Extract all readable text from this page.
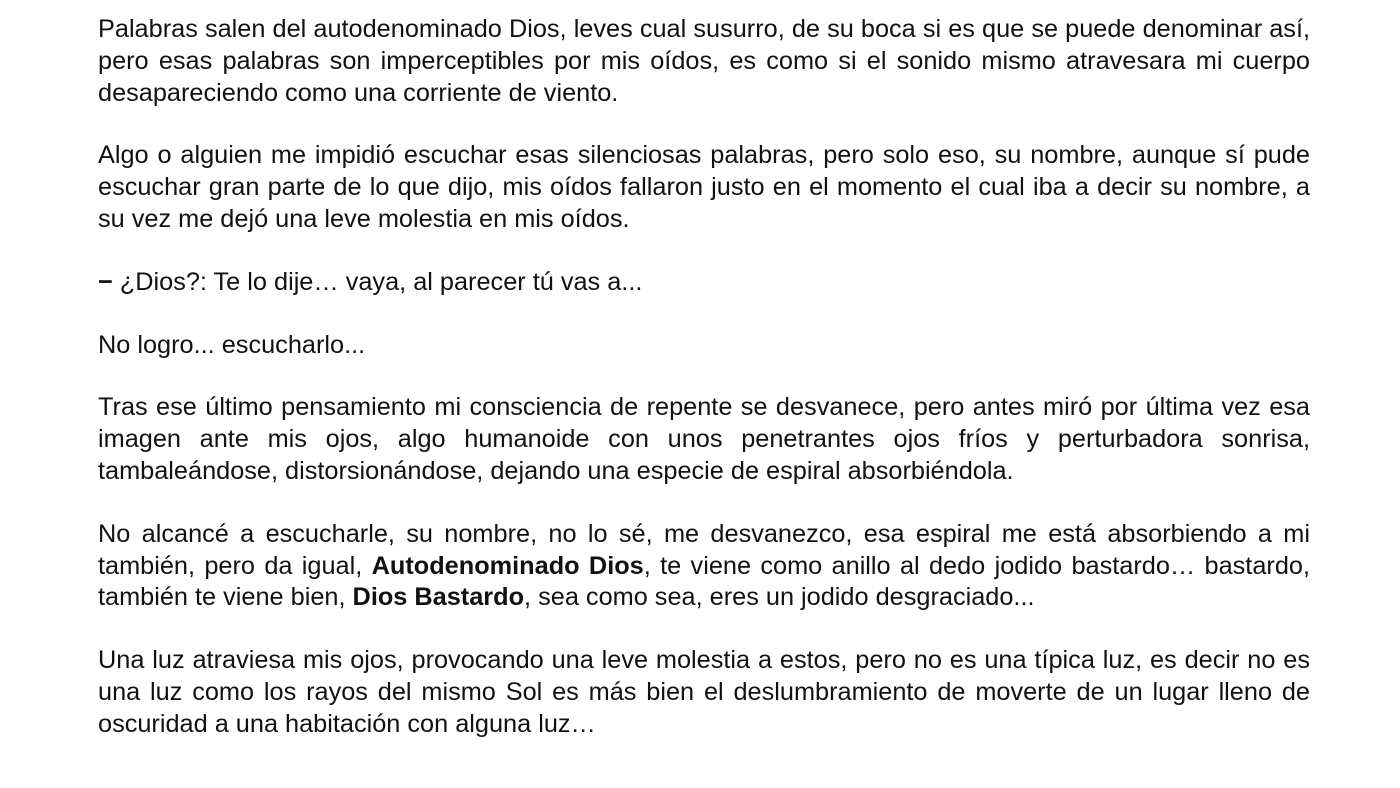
Palabras salen del autodenominado Dios, leves cual susurro, de su boca si es que se puede denominar así, pero esas palabras son imperceptibles por mis oídos, es como si el sonido mismo atravesara mi cuerpo desapareciendo como una corriente de viento.

Algo o alguien me impidió escuchar esas silenciosas palabras, pero solo eso, su nombre, aunque sí pude escuchar gran parte de lo que dijo, mis oídos fallaron justo en el momento el cual iba a decir su nombre, a su vez me dejó una leve molestia en mis oídos.

− ¿Dios?: Te lo dije… vaya, al parecer tú vas a...

No logro... escucharlo...

Tras ese último pensamiento mi consciencia de repente se desvanece, pero antes miró por última vez esa imagen ante mis ojos, algo humanoide con unos penetrantes ojos fríos y perturbadora sonrisa, tambaleándose, distorsionándose, dejando una especie de espiral absorbiéndola.

No alcancé a escucharle, su nombre, no lo sé, me desvanezco, esa espiral me está absorbiendo a mi también, pero da igual, Autodenominado Dios, te viene como anillo al dedo jodido bastardo… bastardo, también te viene bien, Dios Bastardo, sea como sea, eres un jodido desgraciado...

Una luz atraviesa mis ojos, provocando una leve molestia a estos, pero no es una típica luz, es decir no es una luz como los rayos del mismo Sol es más bien el deslumbramiento de moverte de un lugar lleno de oscuridad a una habitación con alguna luz…
